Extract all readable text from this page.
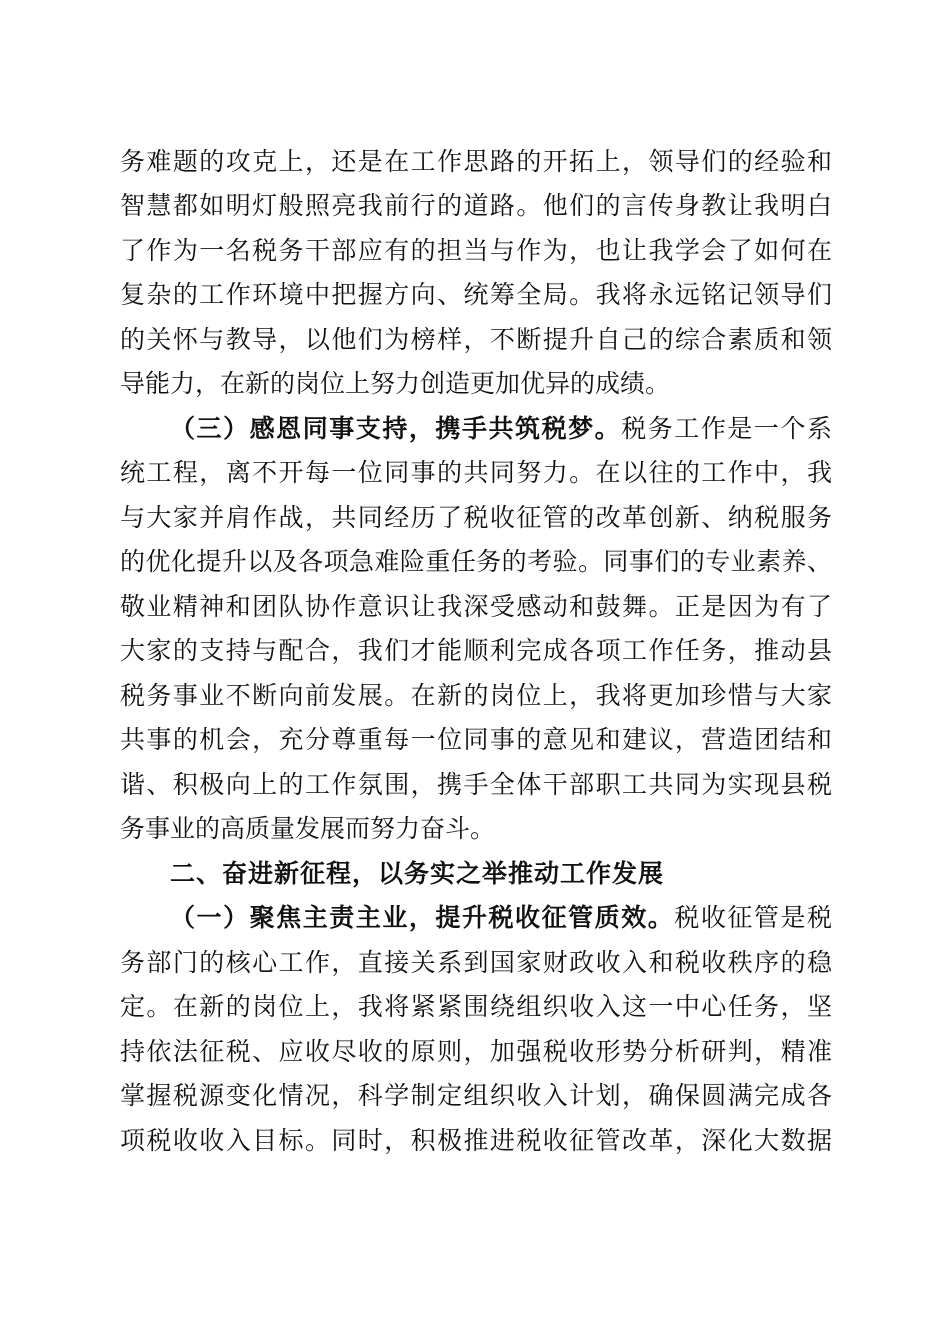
务难题的攻克上，还是在工作思路的开拓上，领导们的经验和
智慧都如明灯般照亮我前行的道路。他们的言传身教让我明白
了作为一名税务干部应有的担当与作为，也让我学会了如何在
复杂的工作环境中把握方向、统筹全局。我将永远铭记领导们
的关怀与教导，以他们为榜样，不断提升自己的综合素质和领
导能力，在新的岗位上努力创造更加优异的成绩。
（三）感恩同事支持，携手共筑税梦。税务工作是一个系
统工程，离不开每一位同事的共同努力。在以往的工作中，我
与大家并肩作战，共同经历了税收征管的改革创新、纳税服务
的优化提升以及各项急难险重任务的考验。同事们的专业素养、
敬业精神和团队协作意识让我深受感动和鼓舞。正是因为有了
大家的支持与配合，我们才能顺利完成各项工作任务，推动县
税务事业不断向前发展。在新的岗位上，我将更加珍惜与大家
共事的机会，充分尊重每一位同事的意见和建议，营造团结和
谐、积极向上的工作氛围，携手全体干部职工共同为实现县税
务事业的高质量发展而努力奋斗。
二、奋进新征程，以务实之举推动工作发展
（一）聚焦主责主业，提升税收征管质效。税收征管是税
务部门的核心工作，直接关系到国家财政收入和税收秩序的稳
定。在新的岗位上，我将紧紧围绕组织收入这一中心任务，坚
持依法征税、应收尽收的原则，加强税收形势分析研判，精准
掌握税源变化情况，科学制定组织收入计划，确保圆满完成各
项税收收入目标。同时，积极推进税收征管改革，深化大数据
